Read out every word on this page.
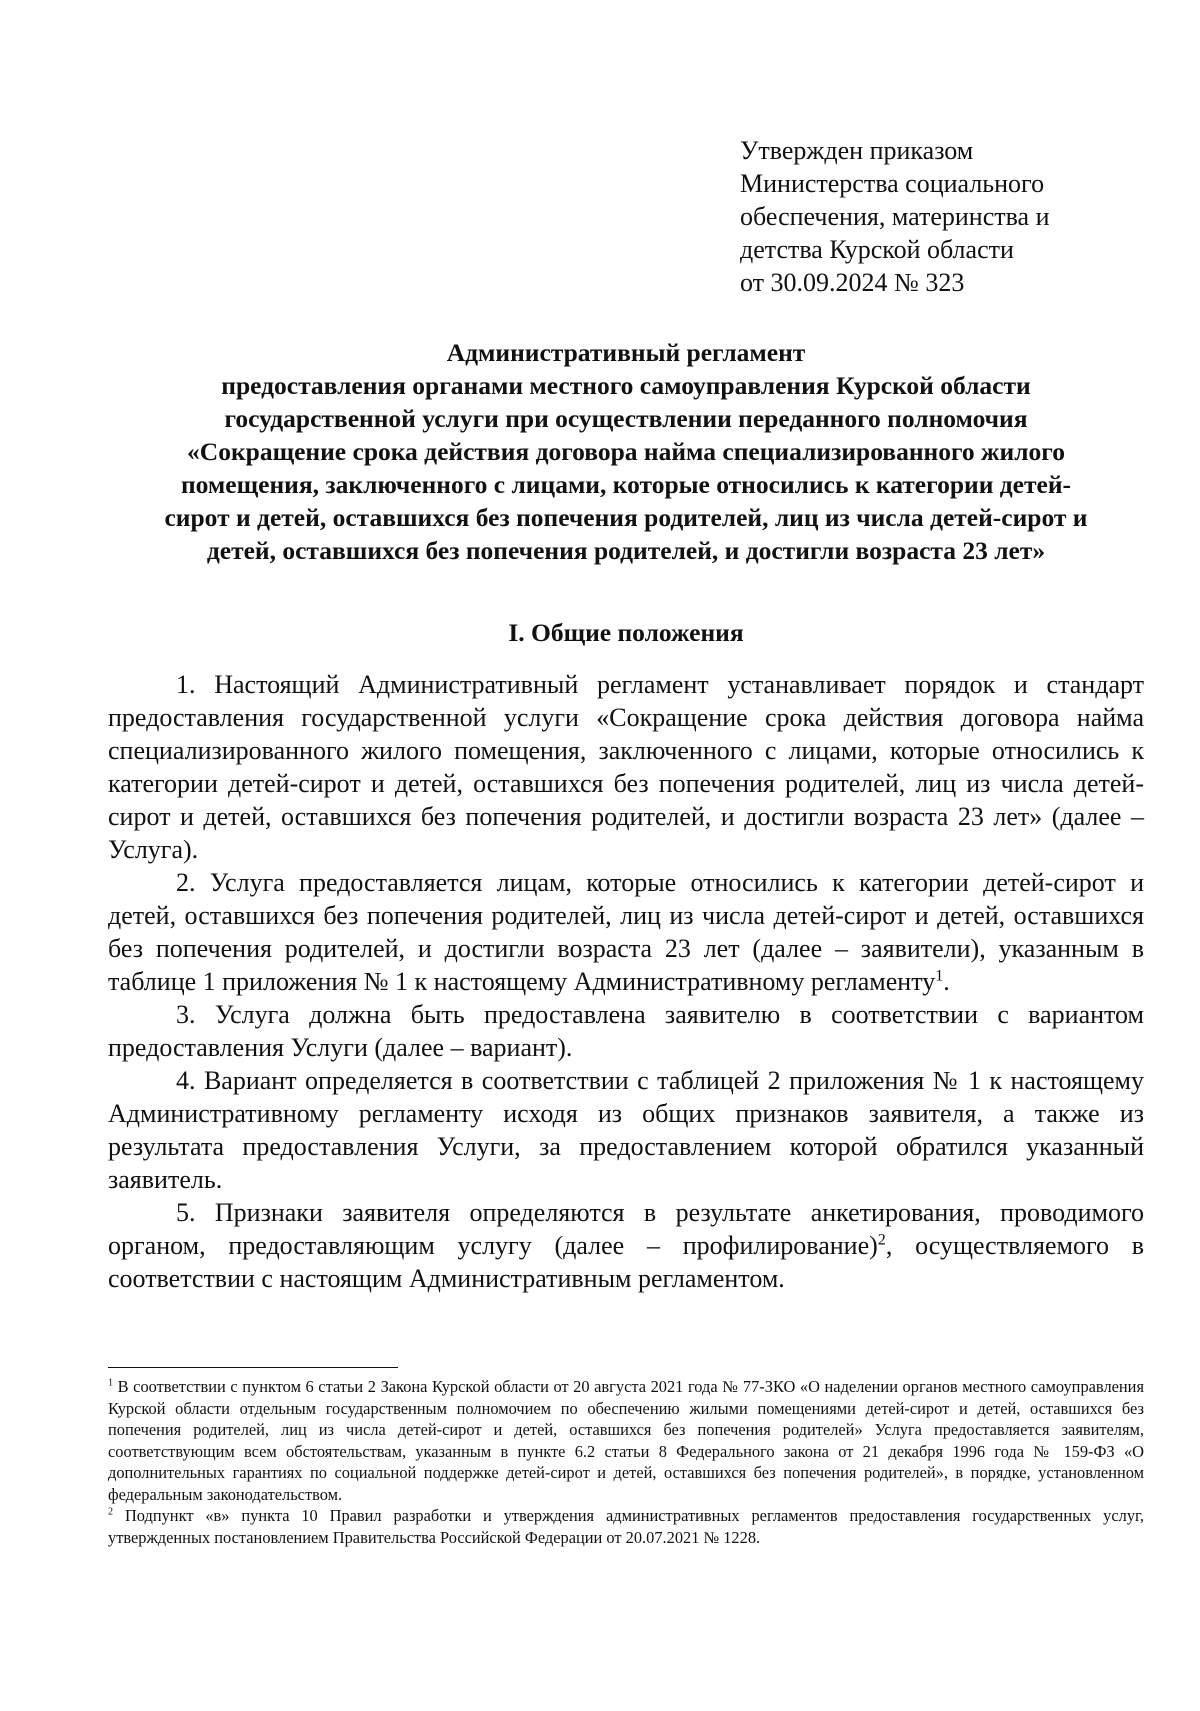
Утвержден приказом
Министерства социального
обеспечения, материнства и
детства Курской области
от 30.09.2024 № 323
Административный регламент
предоставления органами местного самоуправления Курской области
государственной услуги при осуществлении переданного полномочия
«Сокращение срока действия договора найма специализированного жилого
помещения, заключенного с лицами, которые относились к категории детей-
сирот и детей, оставшихся без попечения родителей, лиц из числа детей-сирот и
детей, оставшихся без попечения родителей, и достигли возраста 23 лет»
I. Общие положения

1. Настоящий Административный регламент устанавливает порядок и стандарт предоставления государственной услуги «Сокращение срока действия договора найма специализированного жилого помещения, заключенного с лицами, которые относились к категории детей-сирот и детей, оставшихся без попечения родителей, лиц из числа детей-сирот и детей, оставшихся без попечения родителей, и достигли возраста 23 лет» (далее – Услуга).

2. Услуга предоставляется лицам, которые относились к категории детей-сирот и детей, оставшихся без попечения родителей, лиц из числа детей-сирот и детей, оставшихся без попечения родителей, и достигли возраста 23 лет (далее – заявители), указанным в таблице 1 приложения № 1 к настоящему Административному регламенту$^1$.

3. Услуга должна быть предоставлена заявителю в соответствии с вариантом предоставления Услуги (далее – вариант).

4. Вариант определяется в соответствии с таблицей 2 приложения № 1 к настоящему Административному регламенту исходя из общих признаков заявителя, а также из результата предоставления Услуги, за предоставлением которой обратился указанный заявитель.

5. Признаки заявителя определяются в результате анкетирования, проводимого органом, предоставляющим услугу (далее – профилирование)$^2$, осуществляемого в соответствии с настоящим Административным регламентом.

$^1$ В соответствии с пунктом 6 статьи 2 Закона Курской области от 20 августа 2021 года № 77-ЗКО «О наделении органов местного самоуправления Курской области отдельным государственным полномочием по обеспечению жилыми помещениями детей-сирот и детей, оставшихся без попечения родителей, лиц из числа детей-сирот и детей, оставшихся без попечения родителей» Услуга предоставляется заявителям, соответствующим всем обстоятельствам, указанным в пункте 6.2 статьи 8 Федерального закона от 21 декабря 1996 года № 159-ФЗ «О дополнительных гарантиях по социальной поддержке детей-сирот и детей, оставшихся без попечения родителей», в порядке, установленном федеральным законодательством.

$^2$ Подпункт «в» пункта 10 Правил разработки и утверждения административных регламентов предоставления государственных услуг, утвержденных постановлением Правительства Российской Федерации от 20.07.2021 № 1228.
